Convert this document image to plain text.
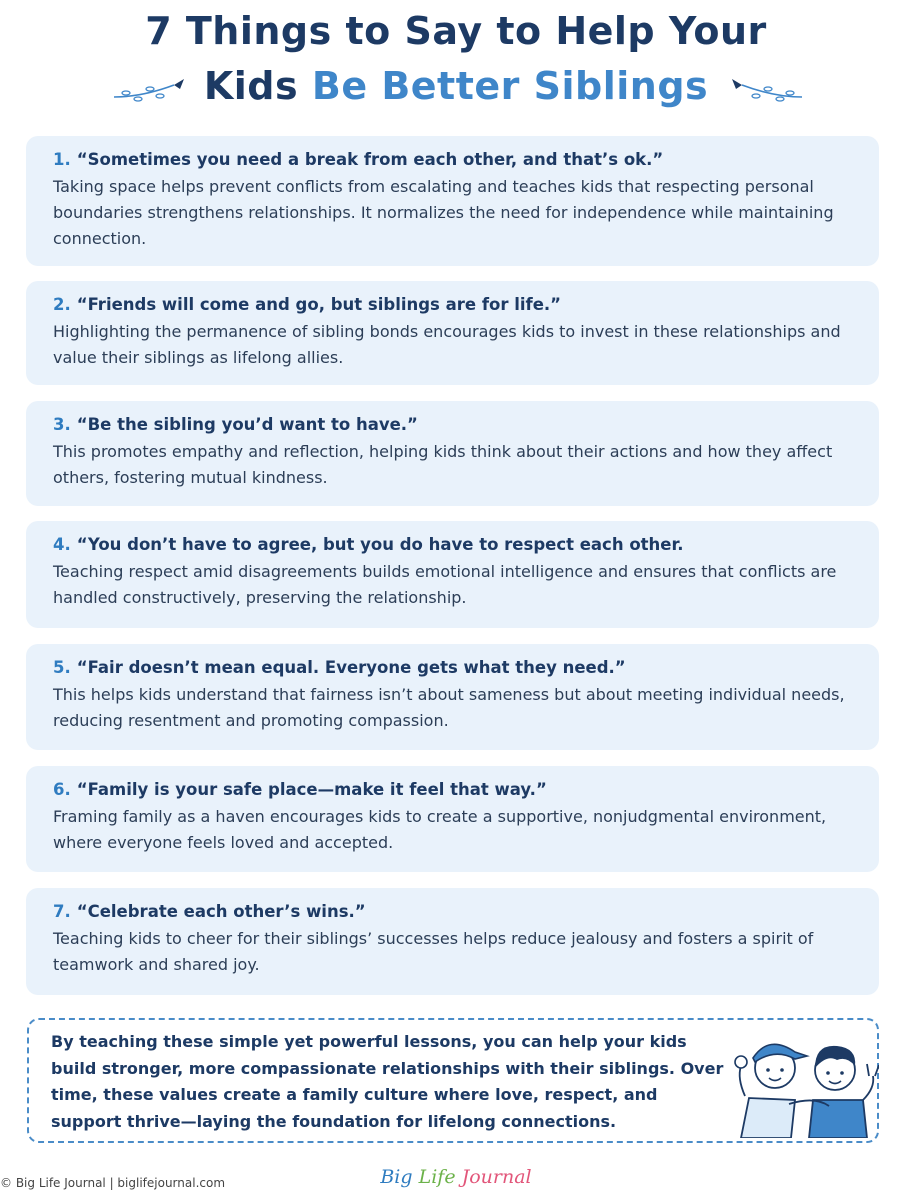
7 Things to Say to Help Your
Kids Be Better Siblings
1. “Sometimes you need a break from each other, and that’s ok.”
Taking space helps prevent conflicts from escalating and teaches kids that respecting personal boundaries strengthens relationships. It normalizes the need for independence while maintaining connection.
2. “Friends will come and go, but siblings are for life.”
Highlighting the permanence of sibling bonds encourages kids to invest in these relationships and value their siblings as lifelong allies.
3. “Be the sibling you’d want to have.”
This promotes empathy and reflection, helping kids think about their actions and how they affect others, fostering mutual kindness.
4. “You don’t have to agree, but you do have to respect each other.
Teaching respect amid disagreements builds emotional intelligence and ensures that conflicts are handled constructively, preserving the relationship.
5. “Fair doesn’t mean equal. Everyone gets what they need.”
This helps kids understand that fairness isn’t about sameness but about meeting individual needs, reducing resentment and promoting compassion.
6. “Family is your safe place—make it feel that way.”
Framing family as a haven encourages kids to create a supportive, nonjudgmental environment, where everyone feels loved and accepted.
7. “Celebrate each other’s wins.”
Teaching kids to cheer for their siblings’ successes helps reduce jealousy and fosters a spirit of teamwork and shared joy.
By teaching these simple yet powerful lessons, you can help your kids build stronger, more compassionate relationships with their siblings. Over time, these values create a family culture where love, respect, and support thrive—laying the foundation for lifelong connections.
© Big Life Journal | biglifejournal.com	Big Life Journal
